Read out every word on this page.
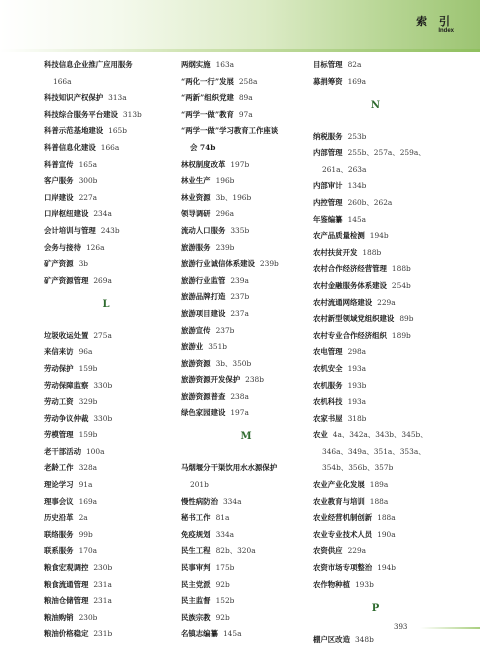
索 引
Index
科技信息企业推广应用服务
166a
科技知识产权保护 313a
科技综合服务平台建设 313b
科普示范基地建设 165b
科普信息化建设 166a
科普宣传 165a
客户服务 300b
口岸建设 227a
口岸枢纽建设 234a
会计培训与管理 243b
会务与接待 126a
矿产资源 3b
矿产资源管理 269a
L
垃圾收运处置 275a
来信来访 96a
劳动保护 159b
劳动保障监察 330b
劳动工资 329b
劳动争议仲裁 330b
劳模管理 159b
老干部活动 100a
老龄工作 328a
理论学习 91a
理事会议 169a
历史沿革 2a
联络服务 99b
联系服务 170a
粮食宏观调控 230b
粮食流通管理 231a
粮油仓储管理 231a
粮油购销 230b
粮油价格稳定 231b
两纲实施 163a
“两化一行”发展 258a
“两新”组织党建 89a
“两学一做”教育 97a
“两学一做”学习教育工作座谈
会 74b
林权制度改革 197b
林业生产 196b
林业资源 3b、196b
领导调研 296a
流动人口服务 335b
旅游服务 239b
旅游行业诚信体系建设 239b
旅游行业监管 239a
旅游品牌打造 237b
旅游项目建设 237a
旅游宣传 237b
旅游业 351b
旅游资源 3b、350b
旅游资源开发保护 238b
旅游资源普查 238a
绿色家园建设 197a
M
马烟堰分干渠饮用水水源保护
201b
慢性病防治 334a
秘书工作 81a
免疫规划 334a
民生工程 82b、320a
民事审判 175b
民主党派 92b
民主监督 152b
民族宗教 92b
名镇志编纂 145a
目标管理 82a
募捐筹资 169a
N
纳税服务 253b
内部管理 255b、257a、259a、
261a、263a
内部审计 134b
内控管理 260b、262a
年鉴编纂 145a
农产品质量检测 194b
农村扶贫开发 188b
农村合作经济经营管理 188b
农村金融服务体系建设 254b
农村流通网络建设 229a
农村新型领域党组织建设 89b
农村专业合作经济组织 189b
农电管理 298a
农机安全 193a
农机服务 193b
农机科技 193a
农家书屋 318b
农业 4a、342a、343b、345b、
346a、349a、351a、353a、
354b、356b、357b
农业产业化发展 189a
农业教育与培训 188a
农业经营机制创新 188a
农业专业技术人员 190a
农资供应 229a
农资市场专项整治 194b
农作物种植 193b
P
棚户区改造 348b
393
